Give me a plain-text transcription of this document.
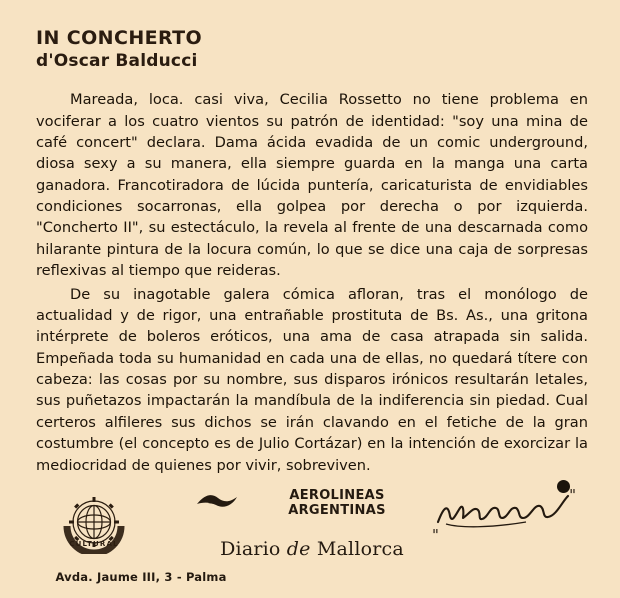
IN CONCHERTO
d'Oscar Balducci

Mareada, loca. casi viva, Cecilia Rossetto no tiene problema en vociferar a los cuatro vientos su patrón de identidad: "soy una mina de café concert" declara. Dama ácida evadida de un comic underground, diosa sexy a su manera, ella siempre guarda en la manga una carta ganadora. Francotiradora de lúcida puntería, caricaturista de envidiables condiciones socarronas, ella golpea por derecha o por izquierda. "Concherto II", su estectáculo, la revela al frente de una descarnada como hilarante pintura de la locura común, lo que se dice una caja de sorpresas reflexivas al tiempo que reideras.

De su inagotable galera cómica afloran, tras el monólogo de actualidad y de rigor, una entrañable prostituta de Bs. As., una gritona intérprete de boleros eróticos, una ama de casa atrapada sin salida. Empeñada toda su humanidad en cada una de ellas, no quedará títere con cabeza: las cosas por su nombre, sus disparos irónicos resultarán letales, sus puñetazos impactarán la mandíbula de la indiferencia sin piedad. Cual certeros alfileres sus dichos se irán clavando en el fetiche de la gran costumbre (el concepto es de Julio Cortázar) en la intención de exorcizar la mediocridad de quienes por vivir, sobreviven.

CULTURAL
Avda. Jaume III, 3 - Palma
AEROLINEAS ARGENTINAS
Diario de Mallorca
"
"
